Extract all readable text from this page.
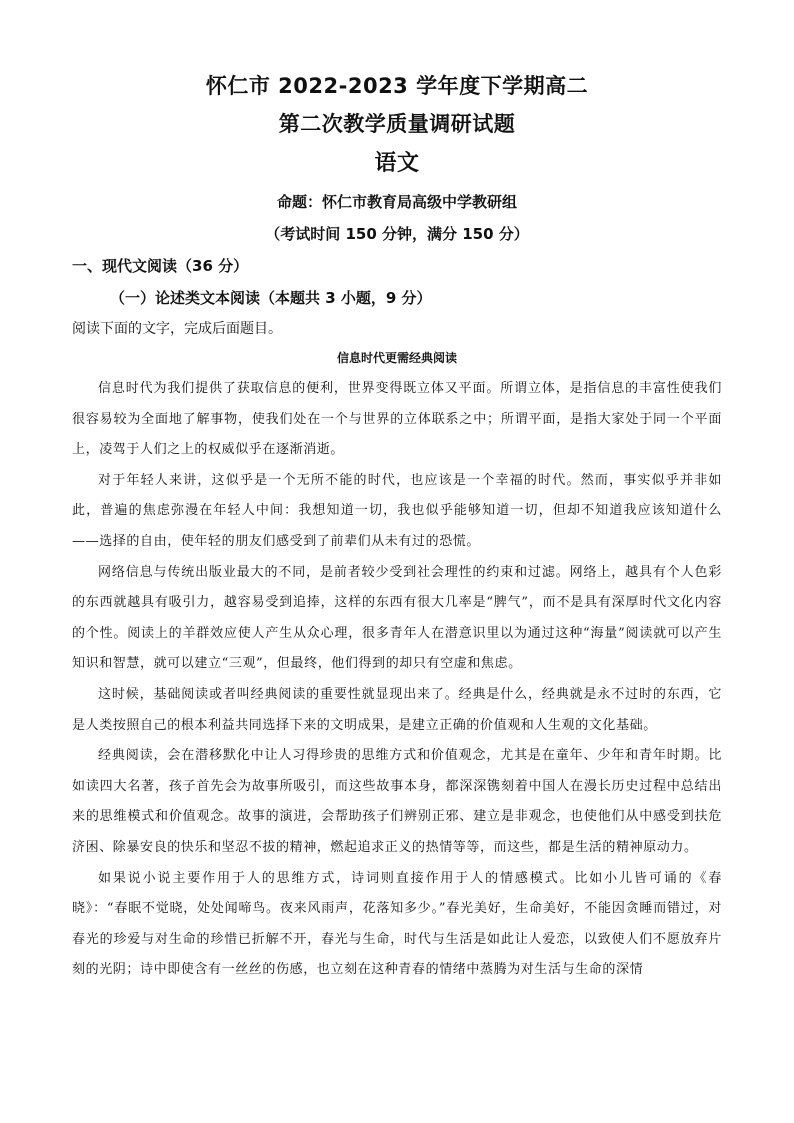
怀仁市 2022-2023 学年度下学期高二
第二次教学质量调研试题
语文
命题：怀仁市教育局高级中学教研组
（考试时间 150 分钟，满分 150 分）
一、现代文阅读（36 分）
（一）论述类文本阅读（本题共 3 小题，9 分）
阅读下面的文字，完成后面题目。
信息时代更需经典阅读

信息时代为我们提供了获取信息的便利，世界变得既立体又平面。所谓立体，是指信息的丰富性使我们很容易较为全面地了解事物，使我们处在一个与世界的立体联系之中；所谓平面，是指大家处于同一个平面上，凌驾于人们之上的权威似乎在逐渐消逝。

对于年轻人来讲，这似乎是一个无所不能的时代，也应该是一个幸福的时代。然而，事实似乎并非如此，普遍的焦虑弥漫在年轻人中间：我想知道一切，我也似乎能够知道一切，但却不知道我应该知道什么——选择的自由，使年轻的朋友们感受到了前辈们从未有过的恐慌。

网络信息与传统出版业最大的不同，是前者较少受到社会理性的约束和过滤。网络上，越具有个人色彩的东西就越具有吸引力，越容易受到追捧，这样的东西有很大几率是“脾气”，而不是具有深厚时代文化内容的个性。阅读上的羊群效应使人产生从众心理，很多青年人在潜意识里以为通过这种“海量”阅读就可以产生知识和智慧，就可以建立“三观”，但最终，他们得到的却只有空虚和焦虑。

这时候，基础阅读或者叫经典阅读的重要性就显现出来了。经典是什么，经典就是永不过时的东西，它是人类按照自己的根本利益共同选择下来的文明成果，是建立正确的价值观和人生观的文化基础。

经典阅读，会在潜移默化中让人习得珍贵的思维方式和价值观念，尤其是在童年、少年和青年时期。比如读四大名著，孩子首先会为故事所吸引，而这些故事本身，都深深镌刻着中国人在漫长历史过程中总结出来的思维模式和价值观念。故事的演进，会帮助孩子们辨别正邪、建立是非观念，也使他们从中感受到扶危济困、除暴安良的快乐和坚忍不拔的精神，燃起追求正义的热情等等，而这些，都是生活的精神原动力。

如果说小说主要作用于人的思维方式，诗词则直接作用于人的情感模式。比如小儿皆可诵的《春晓》：“春眠不觉晓，处处闻啼鸟。夜来风雨声，花落知多少。”春光美好，生命美好，不能因贪睡而错过，对春光的珍爱与对生命的珍惜已折解不开，春光与生命，时代与生活是如此让人爱恋，以致使人们不愿放弃片刻的光阴；诗中即使含有一丝丝的伤感，也立刻在这种青春的情绪中蒸腾为对生活与生命的深情
